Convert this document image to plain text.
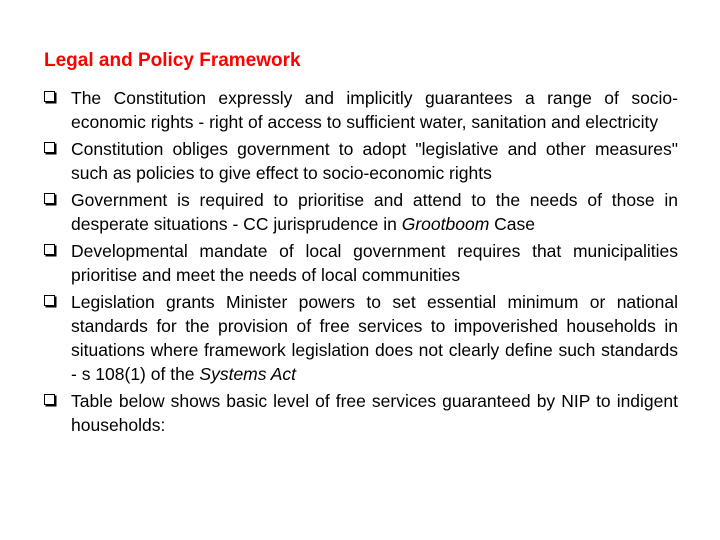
Legal and Policy Framework
The Constitution expressly and implicitly guarantees a range of socio-economic rights - right of access to sufficient water, sanitation and electricity
Constitution obliges government to adopt "legislative and other measures" such as policies to give effect to socio-economic rights
Government is required to prioritise and attend to the needs of those in desperate situations - CC jurisprudence in Grootboom Case
Developmental mandate of local government requires that municipalities prioritise and meet the needs of local communities
Legislation grants Minister powers to set essential minimum or national standards for the provision of free services to impoverished households in situations where framework legislation does not clearly define such standards - s 108(1) of the Systems Act
Table below shows basic level of free services guaranteed by NIP to indigent households:
